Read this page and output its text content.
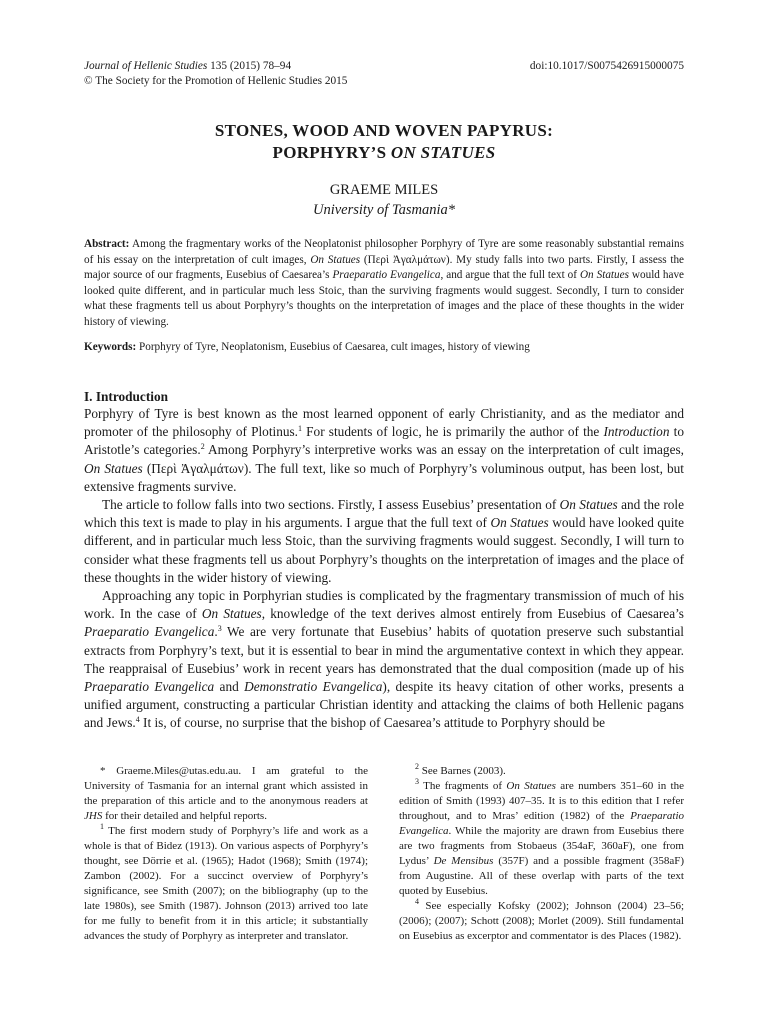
Journal of Hellenic Studies 135 (2015) 78–94
© The Society for the Promotion of Hellenic Studies 2015
doi:10.1017/S0075426915000075
STONES, WOOD AND WOVEN PAPYRUS:
PORPHYRY’S ON STATUES
GRAEME MILES
University of Tasmania*
Abstract: Among the fragmentary works of the Neoplatonist philosopher Porphyry of Tyre are some reasonably substantial remains of his essay on the interpretation of cult images, On Statues (Περὶ Ἀγαλμάτων). My study falls into two parts. Firstly, I assess the major source of our fragments, Eusebius of Caesarea’s Praeparatio Evangelica, and argue that the full text of On Statues would have looked quite different, and in particular much less Stoic, than the surviving fragments would suggest. Secondly, I turn to consider what these fragments tell us about Porphyry’s thoughts on the interpretation of images and the place of these thoughts in the wider history of viewing.
Keywords: Porphyry of Tyre, Neoplatonism, Eusebius of Caesarea, cult images, history of viewing
I. Introduction

Porphyry of Tyre is best known as the most learned opponent of early Christianity, and as the mediator and promoter of the philosophy of Plotinus.$^1$ For students of logic, he is primarily the author of the Introduction to Aristotle’s categories.$^2$ Among Porphyry’s interpretive works was an essay on the interpretation of cult images, On Statues (Περὶ Ἀγαλμάτων). The full text, like so much of Porphyry’s voluminous output, has been lost, but extensive fragments survive.

The article to follow falls into two sections. Firstly, I assess Eusebius’ presentation of On Statues and the role which this text is made to play in his arguments. I argue that the full text of On Statues would have looked quite different, and in particular much less Stoic, than the surviving fragments would suggest. Secondly, I will turn to consider what these fragments tell us about Porphyry’s thoughts on the interpretation of images and the place of these thoughts in the wider history of viewing.

Approaching any topic in Porphyrian studies is complicated by the fragmentary transmission of much of his work. In the case of On Statues, knowledge of the text derives almost entirely from Eusebius of Caesarea’s Praeparatio Evangelica.$^3$ We are very fortunate that Eusebius’ habits of quotation preserve such substantial extracts from Porphyry’s text, but it is essential to bear in mind the argumentative context in which they appear. The reappraisal of Eusebius’ work in recent years has demonstrated that the dual composition (made up of his Praeparatio Evangelica and Demonstratio Evangelica), despite its heavy citation of other works, presents a unified argument, constructing a particular Christian identity and attacking the claims of both Hellenic pagans and Jews.$^4$ It is, of course, no surprise that the bishop of Caesarea’s attitude to Porphyry should be

* Graeme.Miles@utas.edu.au. I am grateful to the University of Tasmania for an internal grant which assisted in the preparation of this article and to the anonymous readers at JHS for their detailed and helpful reports.

$^1$ The first modern study of Porphyry’s life and work as a whole is that of Bidez (1913). On various aspects of Porphyry’s thought, see Dörrie et al. (1965); Hadot (1968); Smith (1974); Zambon (2002). For a succinct overview of Porphyry’s significance, see Smith (2007); on the bibliography (up to the late 1980s), see Smith (1987). Johnson (2013) arrived too late for me fully to benefit from it in this article; it substantially advances the study of Porphyry as interpreter and translator.

$^2$ See Barnes (2003).

$^3$ The fragments of On Statues are numbers 351–60 in the edition of Smith (1993) 407–35. It is to this edition that I refer throughout, and to Mras’ edition (1982) of the Praeparatio Evangelica. While the majority are drawn from Eusebius there are two fragments from Stobaeus (354aF, 360aF), one from Lydus’ De Mensibus (357F) and a possible fragment (358aF) from Augustine. All of these overlap with parts of the text quoted by Eusebius.

$^4$ See especially Kofsky (2002); Johnson (2004) 23–56; (2006); (2007); Schott (2008); Morlet (2009). Still fundamental on Eusebius as excerptor and commentator is des Places (1982).
